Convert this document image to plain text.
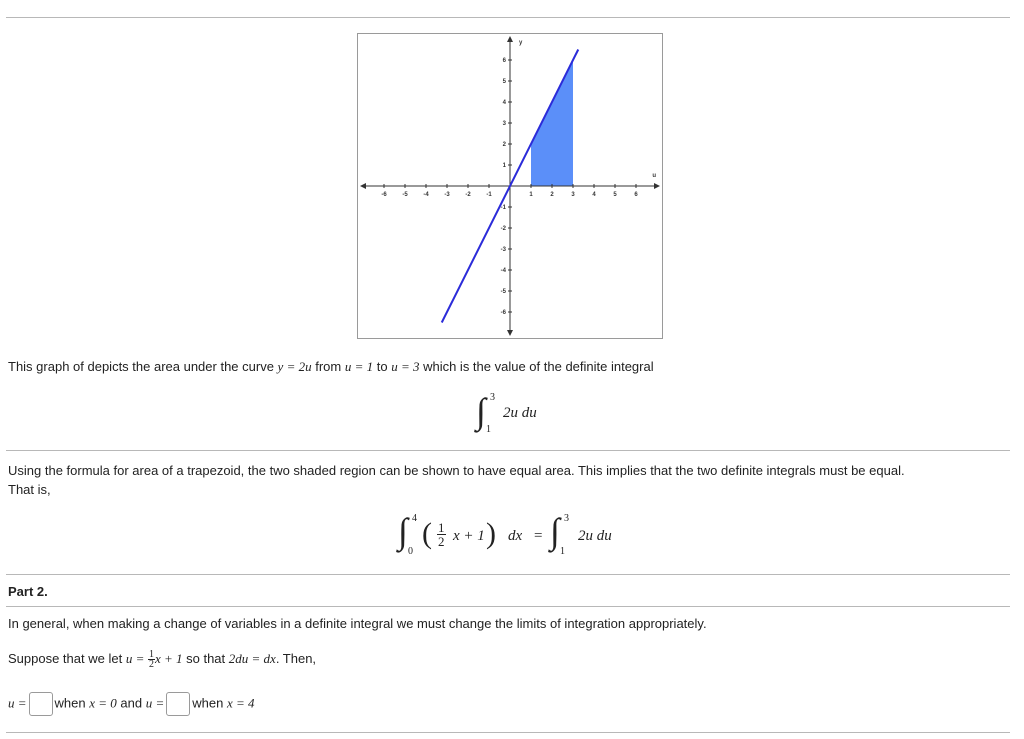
u
y
-6	-5	-4	-3	-2	-1	1	2	3	4	5	6
-6
-5
-4
-3
-2
-1
1
2
3
4
5
6
This graph of depicts the area under the curve y = 2u from u = 1 to u = 3 which is the value of the definite integral
∫ 3
1
2u du
Using the formula for area of a trapezoid, the two shaded region can be shown to have equal area. This implies that the two definite integrals must be equal.
That is,
∫ 4
0
( $\frac{1}{2}$ x + 1 ) dx = ∫ 3
1
2u du
Part 2.
In general, when making a change of variables in a definite integral we must change the limits of integration appropriately.
Suppose that we let $u = \frac{1}{2}$ x + 1 so that 2du = dx. Then,
u = when x = 0 and u = when x = 4
